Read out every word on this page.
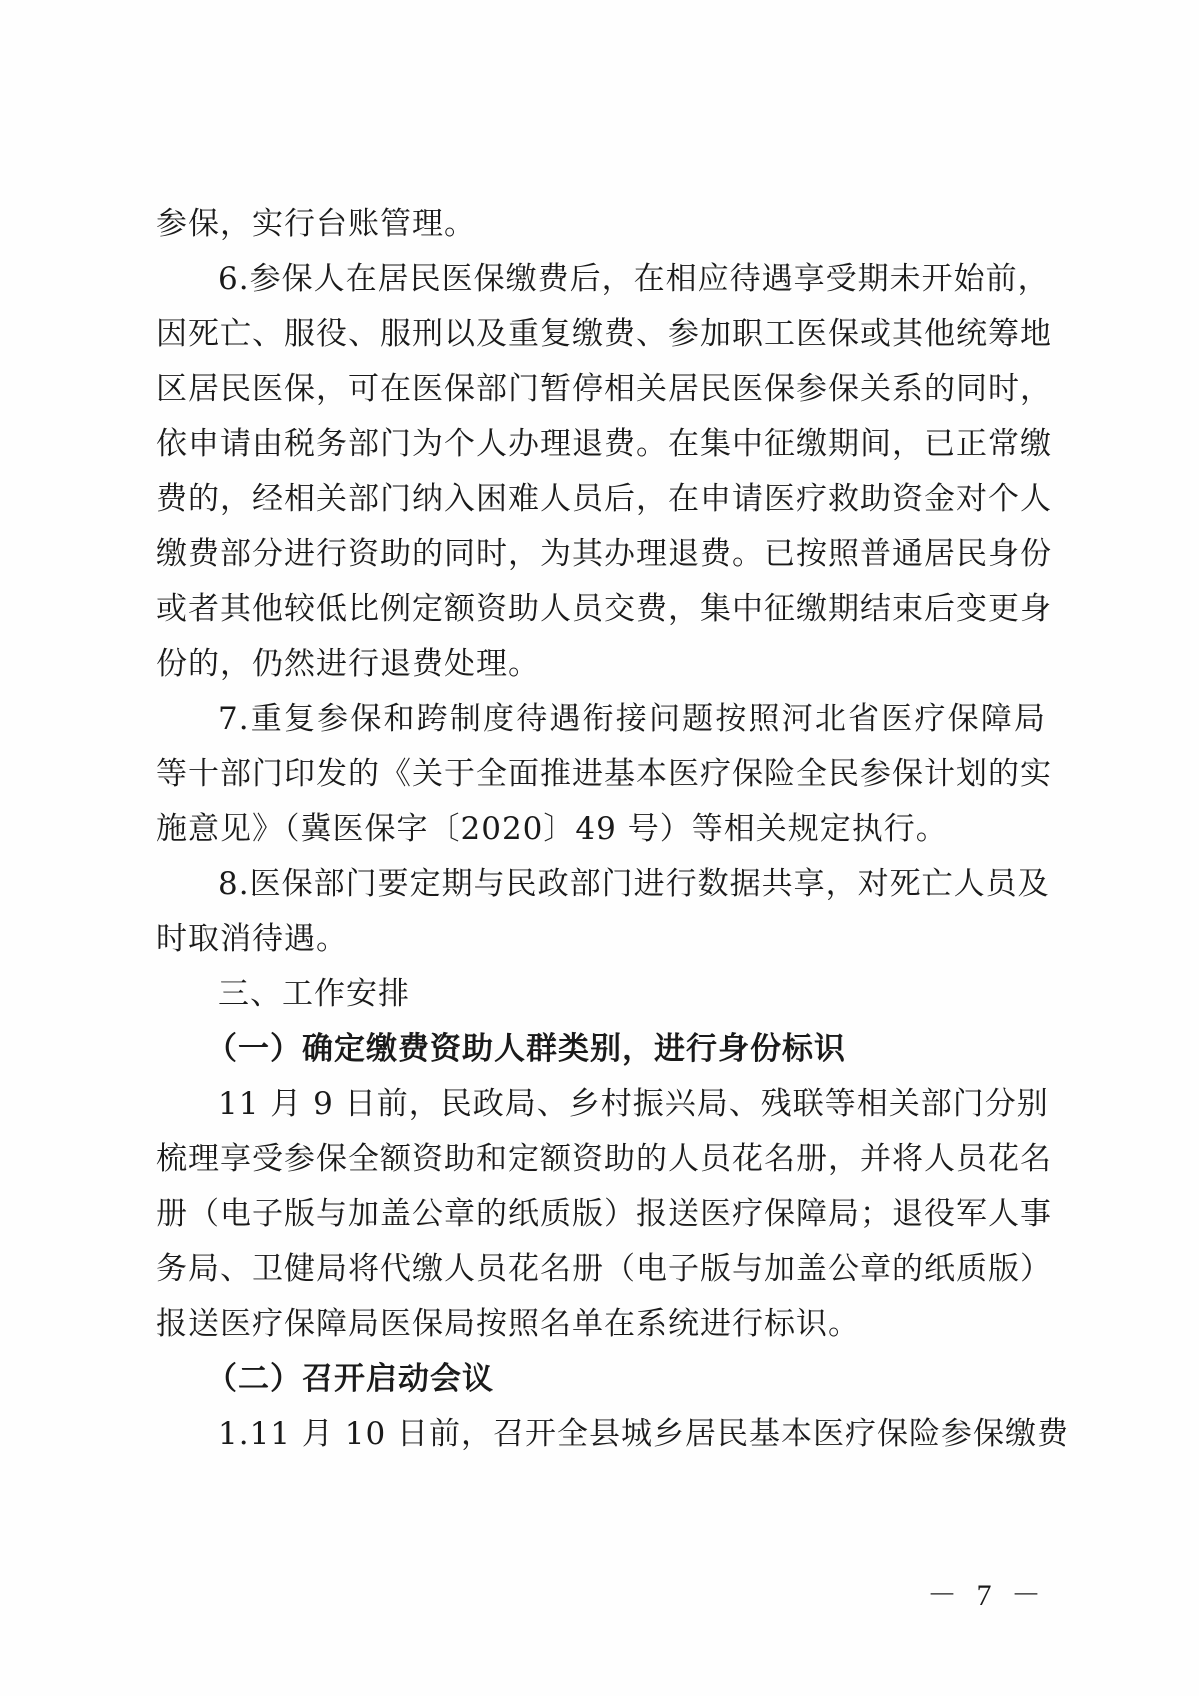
参保，实行台账管理。
6.参保人在居民医保缴费后，在相应待遇享受期未开始前，
因死亡、服役、服刑以及重复缴费、参加职工医保或其他统筹地
区居民医保，可在医保部门暂停相关居民医保参保关系的同时，
依申请由税务部门为个人办理退费。在集中征缴期间，已正常缴
费的，经相关部门纳入困难人员后，在申请医疗救助资金对个人
缴费部分进行资助的同时，为其办理退费。已按照普通居民身份
或者其他较低比例定额资助人员交费，集中征缴期结束后变更身
份的，仍然进行退费处理。
7.重复参保和跨制度待遇衔接问题按照河北省医疗保障局
等十部门印发的《关于全面推进基本医疗保险全民参保计划的实
施意见》（冀医保字〔2020〕49 号）等相关规定执行。
8.医保部门要定期与民政部门进行数据共享，对死亡人员及
时取消待遇。
三、工作安排
（一）确定缴费资助人群类别，进行身份标识
11 月 9 日前，民政局、乡村振兴局、残联等相关部门分别
梳理享受参保全额资助和定额资助的人员花名册，并将人员花名
册（电子版与加盖公章的纸质版）报送医疗保障局；退役军人事
务局、卫健局将代缴人员花名册（电子版与加盖公章的纸质版）
报送医疗保障局医保局按照名单在系统进行标识。
（二）召开启动会议
1.11 月 10 日前，召开全县城乡居民基本医疗保险参保缴费
－ 7 －
